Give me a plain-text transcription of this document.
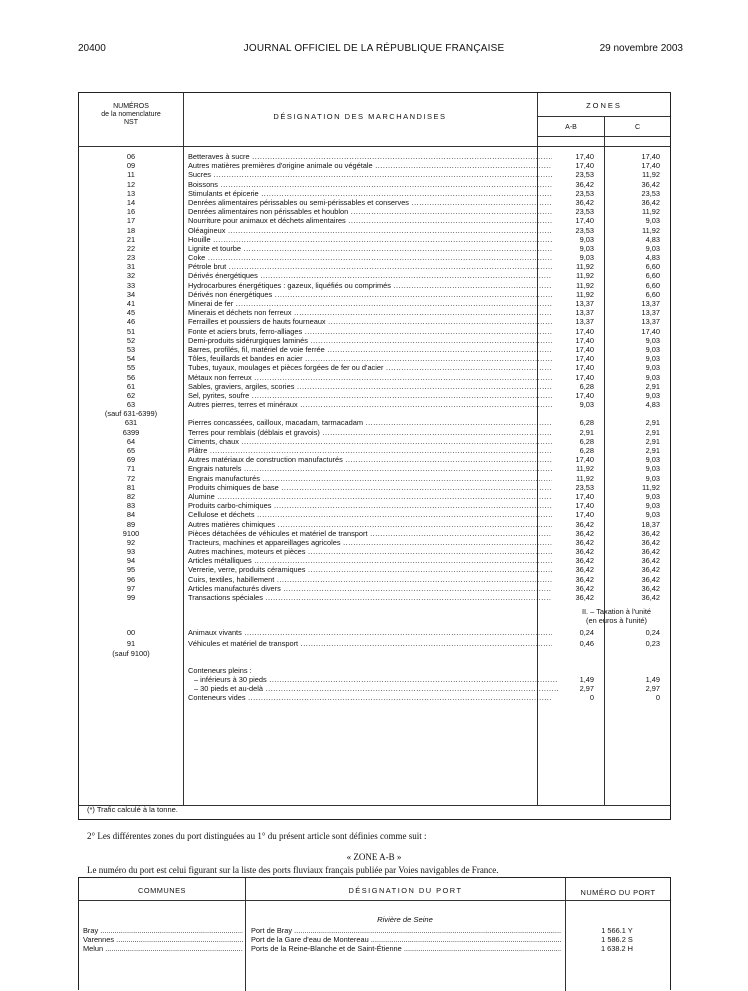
20400	JOURNAL OFFICIEL DE LA RÉPUBLIQUE FRANÇAISE	29 novembre 2003
NUMÉROS
de la nomenclature
NST
DÉSIGNATION DES MARCHANDISES
ZONES
A-B	C
06	Betteraves à sucre .....	17,40	17,40
09	Autres matières premières d'origine animale ou végétale .....	17,40	17,40
11	Sucres .....	23,53	11,92
12	Boissons .....	36,42	36,42
13	Stimulants et épicerie .....	23,53	23,53
14	Denrées alimentaires périssables ou semi-périssables et conserves .....	36,42	36,42
16	Denrées alimentaires non périssables et houblon .....	23,53	11,92
17	Nourriture pour animaux et déchets alimentaires .....	17,40	9,03
18	Oléagineux .....	23,53	11,92
21	Houille .....	9,03	4,83
22	Lignite et tourbe .....	9,03	9,03
23	Coke .....	9,03	4,83
31	Pétrole brut .....	11,92	6,60
32	Dérivés énergétiques .....	11,92	6,60
33	Hydrocarbures énergétiques : gazeux, liquéfiés ou comprimés .....	11,92	6,60
34	Dérivés non énergétiques .....	11,92	6,60
41	Minerai de fer .....	13,37	13,37
45	Minerais et déchets non ferreux .....	13,37	13,37
46	Ferrailles et poussiers de hauts fourneaux .....	13,37	13,37
51	Fonte et aciers bruts, ferro-alliages .....	17,40	17,40
52	Demi-produits sidérurgiques laminés .....	17,40	9,03
53	Barres, profilés, fil, matériel de voie ferrée .....	17,40	9,03
54	Tôles, feuillards et bandes en acier .....	17,40	9,03
55	Tubes, tuyaux, moulages et pièces forgées de fer ou d'acier .....	17,40	9,03
56	Métaux non ferreux .....	17,40	9,03
61	Sables, graviers, argiles, scories .....	6,28	2,91
62	Sel, pyrites, soufre .....	17,40	9,03
63	Autres pierres, terres et minéraux .....	9,03	4,83
(sauf 631-6399)
631	Pierres concassées, cailloux, macadam, tarmacadam .....	6,28	2,91
6399	Terres pour remblais (déblais et gravois) .....	2,91	2,91
64	Ciments, chaux .....	6,28	2,91
65	Plâtre .....	6,28	2,91
69	Autres matériaux de construction manufacturés .....	17,40	9,03
71	Engrais naturels .....	11,92	9,03
72	Engrais manufacturés .....	11,92	9,03
81	Produits chimiques de base .....	23,53	11,92
82	Alumine .....	17,40	9,03
83	Produits carbo-chimiques .....	17,40	9,03
84	Cellulose et déchets .....	17,40	9,03
89	Autres matières chimiques .....	36,42	18,37
9100	Pièces détachées de véhicules et matériel de transport .....	36,42	36,42
92	Tracteurs, machines et appareillages agricoles .....	36,42	36,42
93	Autres machines, moteurs et pièces .....	36,42	36,42
94	Articles métalliques .....	36,42	36,42
95	Verrerie, verre, produits céramiques .....	36,42	36,42
96	Cuirs, textiles, habillement .....	36,42	36,42
97	Articles manufacturés divers .....	36,42	36,42
99	Transactions spéciales .....	36,42	36,42
II. – Taxation à l'unité
(en euros à l'unité)
00	Animaux vivants .....	0,24	0,24
91	Véhicules et matériel de transport .....	0,46	0,23
(sauf 9100)
Conteneurs pleins :
– inférieurs à 30 pieds .....	1,49	1,49
– 30 pieds et au-delà .....	2,97	2,97
Conteneurs vides .....	0	0
(*) Trafic calculé à la tonne.
2° Les différentes zones du port distinguées au 1° du présent article sont définies comme suit :
« ZONE A-B »
Le numéro du port est celui figurant sur la liste des ports fluviaux français publiée par Voies navigables de France.
COMMUNES	DÉSIGNATION DU PORT	NUMÉRO DU PORT
Rivière de Seine
Bray .....	Port de Bray .....	1 566.1 Y
Varennes .....	Port de la Gare d'eau de Montereau .....	1 586.2 S
Melun .....	Ports de la Reine-Blanche et de Saint-Étienne .....	1 638.2 H
